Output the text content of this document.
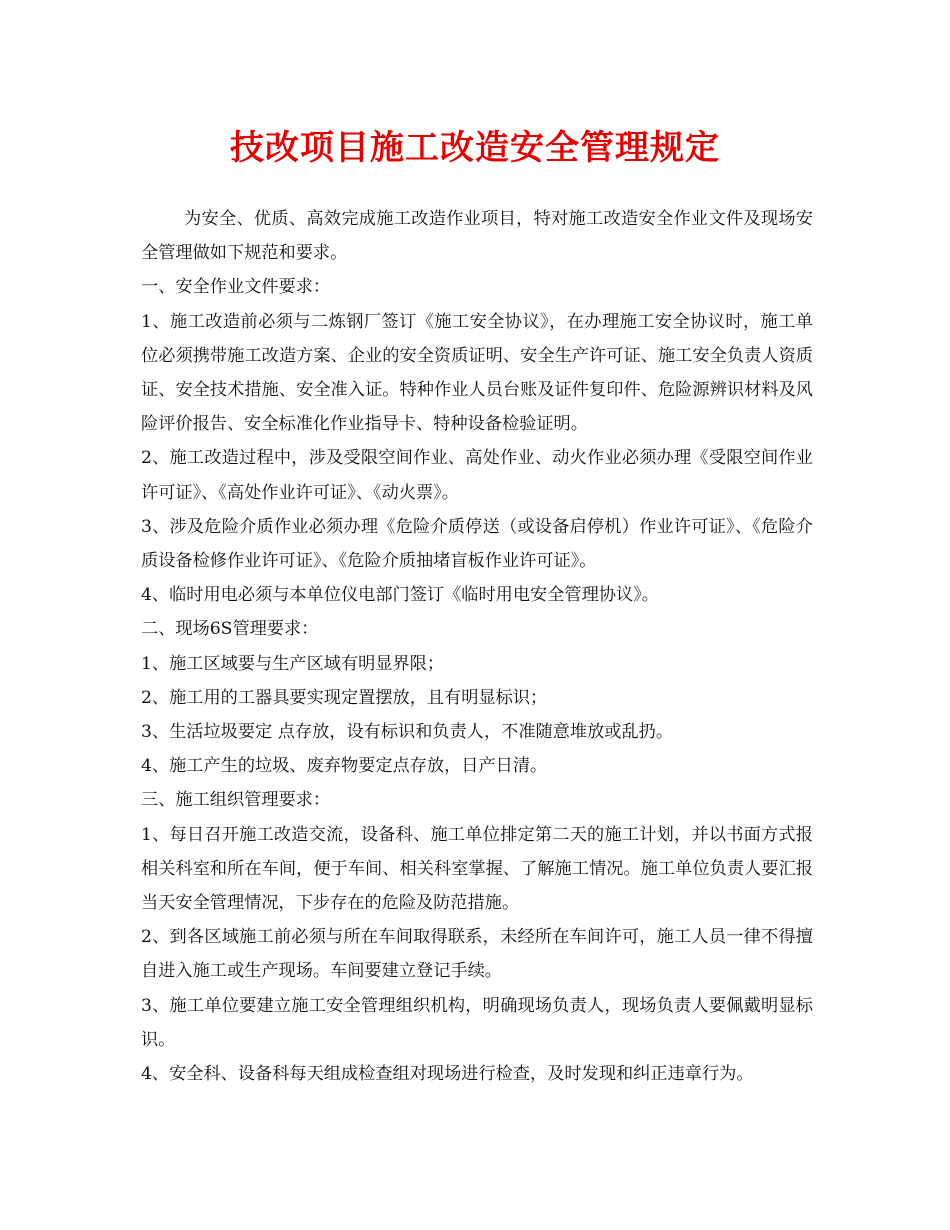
技改项目施工改造安全管理规定

为安全、优质、高效完成施工改造作业项目，特对施工改造安全作业文件及现场安全管理做如下规范和要求。

一、安全作业文件要求：

1、施工改造前必须与二炼钢厂签订《施工安全协议》，在办理施工安全协议时，施工单位必须携带施工改造方案、企业的安全资质证明、安全生产许可证、施工安全负责人资质证、安全技术措施、安全准入证。特种作业人员台账及证件复印件、危险源辨识材料及风险评价报告、安全标准化作业指导卡、特种设备检验证明。

2、施工改造过程中，涉及受限空间作业、高处作业、动火作业必须办理《受限空间作业许可证》、《高处作业许可证》、《动火票》。

3、涉及危险介质作业必须办理《危险介质停送（或设备启停机）作业许可证》、《危险介质设备检修作业许可证》、《危险介质抽堵盲板作业许可证》。

4、临时用电必须与本单位仪电部门签订《临时用电安全管理协议》。

二、现场6S管理要求：

1、施工区域要与生产区域有明显界限；

2、施工用的工器具要实现定置摆放，且有明显标识；

3、生活垃圾要定 点存放，设有标识和负责人，不准随意堆放或乱扔。

4、施工产生的垃圾、废弃物要定点存放，日产日清。

三、施工组织管理要求：

1、每日召开施工改造交流，设备科、施工单位排定第二天的施工计划，并以书面方式报相关科室和所在车间，便于车间、相关科室掌握、了解施工情况。施工单位负责人要汇报当天安全管理情况，下步存在的危险及防范措施。

2、到各区域施工前必须与所在车间取得联系，未经所在车间许可，施工人员一律不得擅自进入施工或生产现场。车间要建立登记手续。

3、施工单位要建立施工安全管理组织机构，明确现场负责人，现场负责人要佩戴明显标识。

4、安全科、设备科每天组成检查组对现场进行检查，及时发现和纠正违章行为。
